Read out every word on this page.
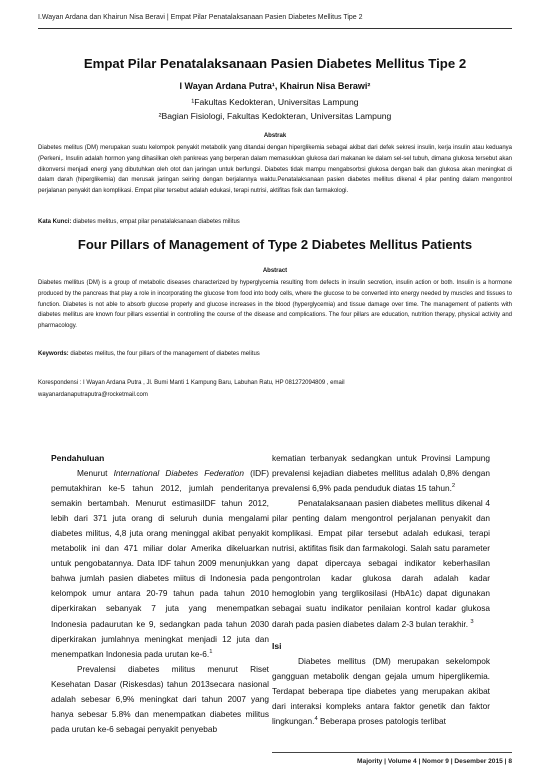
I.Wayan Ardana dan Khairun Nisa Beravi | Empat Pilar Penatalaksanaan Pasien Diabetes Mellitus Tipe 2
Empat Pilar Penatalaksanaan Pasien Diabetes Mellitus Tipe 2
I Wayan Ardana Putra¹, Khairun Nisa Berawi²
¹Fakultas Kedokteran, Universitas Lampung
²Bagian Fisiologi, Fakultas Kedokteran, Universitas Lampung
Abstrak

Diabetes melitus (DM) merupakan suatu kelompok penyakit metabolik yang ditandai dengan hiperglikemia sebagai akibat dari defek sekresi insulin, kerja insulin atau keduanya (Perkeni,. Insulin adalah hormon yang dihasilkan oleh pankreas yang berperan dalam memasukkan glukosa dari makanan ke dalam sel-sel tubuh, dimana glukosa tersebut akan dikonversi menjadi energi yang dibutuhkan oleh otot dan jaringan untuk berfungsi. Diabetes tidak mampu mengabsorbsi glukosa dengan baik dan glukosa akan meningkat di dalam darah (hiperglikemia) dan merusak jaringan seiring dengan berjalannya waktu.Penatalaksanaan pasien diabetes mellitus dikenal 4 pilar penting dalam mengontrol perjalanan penyakit dan komplikasi. Empat pilar tersebut adalah edukasi, terapi nutrisi, aktifitas fisik dan farmakologi.

Kata Kunci: diabetes melitus, empat pilar penatalaksanaan diabetes militus
Four Pillars of Management of Type 2 Diabetes Mellitus Patients
Abstract

Diabetes mellitus (DM) is a group of metabolic diseases characterized by hyperglycemia resulting from defects in insulin secretion, insulin action or both. Insulin is a hormone produced by the pancreas that play a role in incorporating the glucose from food into body cells, where the glucose to be converted into energy needed by muscles and tissues to function. Diabetes is not able to absorb glucose properly and glucose increases in the blood (hyperglycemia) and tissue damage over time. The management of patients with diabetes mellitus are known four pillars essential in controlling the course of the disease and complications. The four pillars are education, nutrition therapy, physical activity and pharmacology.

Keywords: diabetes melitus, the four pillars of the management of diabetes melitus

Korespondensi : I Wayan Ardana Putra , Jl. Bumi Manti 1 Kampung Baru, Labuhan Ratu, HP 081272094809 , email
wayanardanaputraputra@rocketmail.com

Pendahuluan

Menurut International Diabetes Federation (IDF) pemutakhiran ke-5 tahun 2012, jumlah penderitanya semakin bertambah. Menurut estimasiIDF tahun 2012, lebih dari 371 juta orang di seluruh dunia mengalami diabetes militus, 4,8 juta orang meninggal akibat penyakit metabolik ini dan 471 miliar dolar Amerika dikeluarkan untuk pengobatannya. Data IDF tahun 2009 menunjukkan bahwa jumlah pasien diabetes miitus di Indonesia pada kelompok umur antara 20-79 tahun pada tahun 2010 diperkirakan sebanyak 7 juta yang menempatkan Indonesia padaurutan ke 9, sedangkan pada tahun 2030 diperkirakan jumlahnya meningkat menjadi 12 juta dan menempatkan Indonesia pada urutan ke-6.$^1$

Prevalensi diabetes militus menurut Riset Kesehatan Dasar (Riskesdas) tahun 2013secara nasional adalah sebesar 6,9% meningkat dari tahun 2007 yang hanya sebesar 5.8% dan menempatkan diabetes militus pada urutan ke-6 sebagai penyakit penyebab

kematian terbanyak sedangkan untuk Provinsi Lampung prevalensi kejadian diabetes mellitus adalah 0,8% dengan prevalensi 6,9% pada penduduk diatas 15 tahun.$^2$

Penatalaksanaan pasien diabetes mellitus dikenal 4 pilar penting dalam mengontrol perjalanan penyakit dan komplikasi. Empat pilar tersebut adalah edukasi, terapi nutrisi, aktifitas fisik dan farmakologi. Salah satu parameter yang dapat dipercaya sebagai indikator keberhasilan pengontrolan kadar glukosa darah adalah kadar hemoglobin yang terglikosilasi (HbA1c) dapat digunakan sebagai suatu indikator penilaian kontrol kadar glukosa darah pada pasien diabetes dalam 2-3 bulan terakhir. $^3$

Isi

Diabetes mellitus (DM) merupakan sekelompok gangguan metabolik dengan gejala umum hiperglikemia. Terdapat beberapa tipe diabetes yang merupakan akibat dari interaksi kompleks antara faktor genetik dan faktor lingkungan.$^4$ Beberapa proses patologis terlibat

Majority | Volume 4 | Nomor 9 | Desember 2015 | 8
